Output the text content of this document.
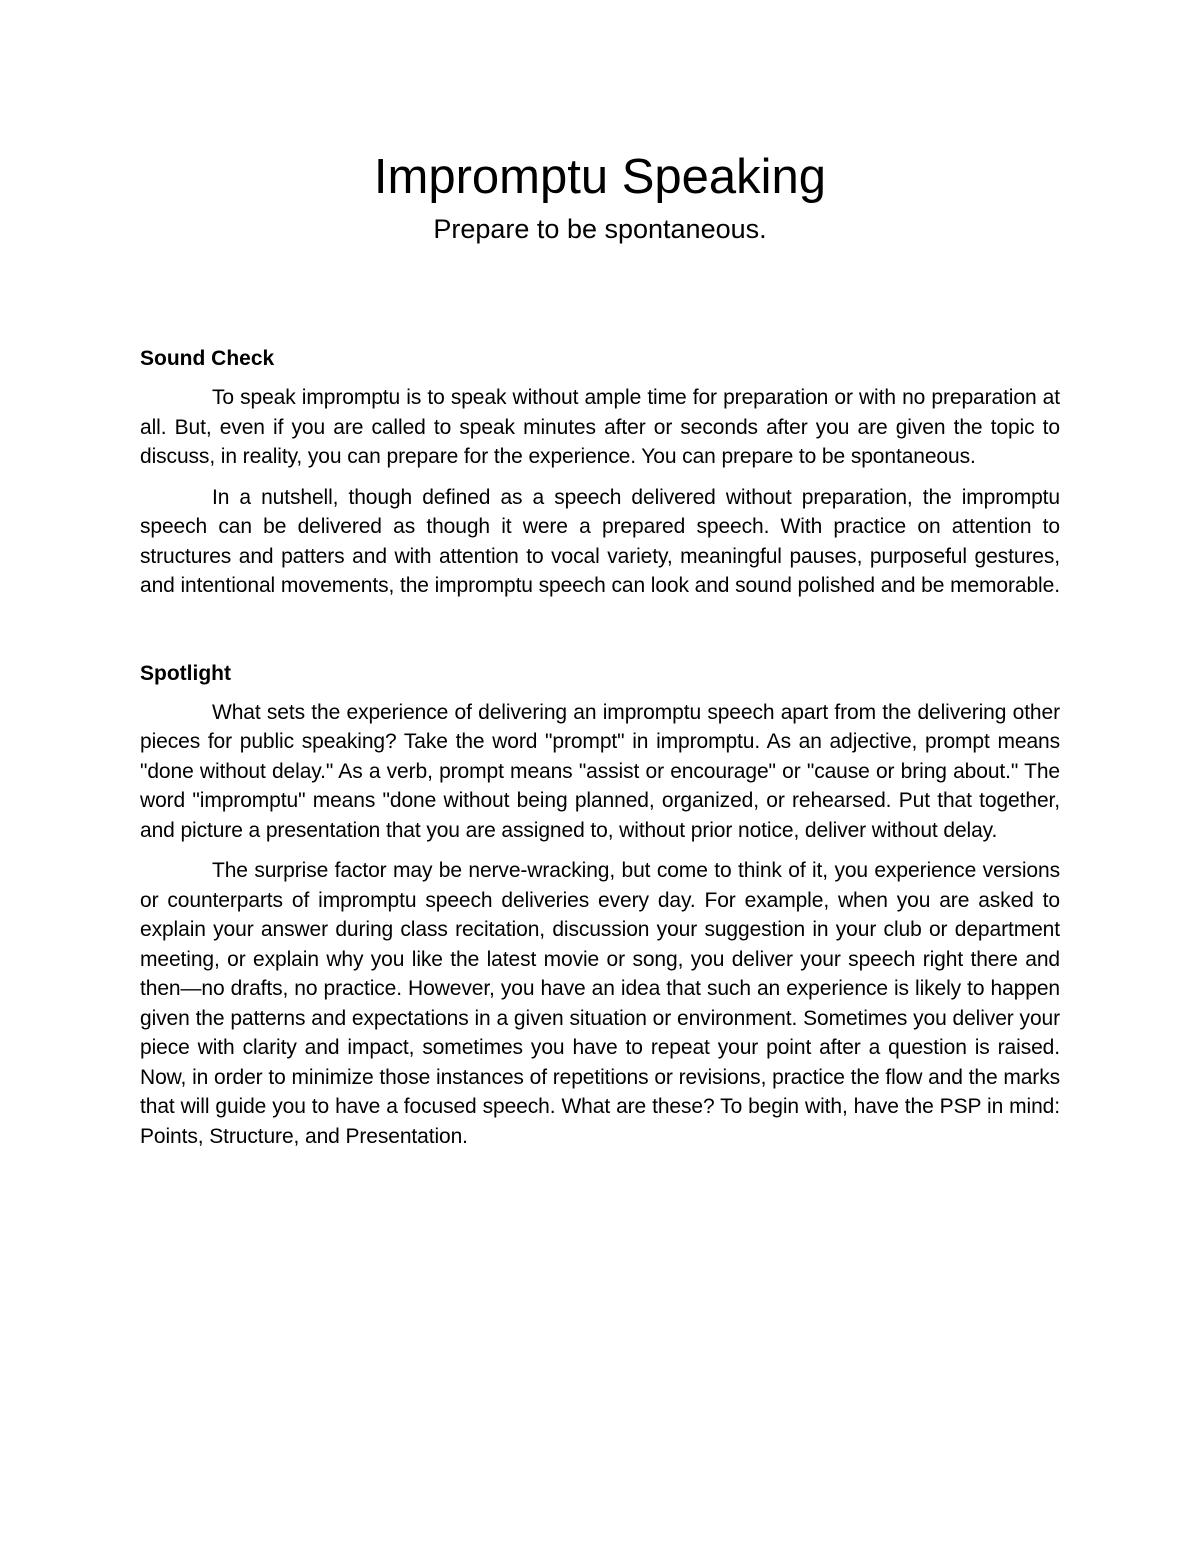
Impromptu Speaking

Prepare to be spontaneous.

Sound Check

To speak impromptu is to speak without ample time for preparation or with no preparation at all. But, even if you are called to speak minutes after or seconds after you are given the topic to discuss, in reality, you can prepare for the experience. You can prepare to be spontaneous.

In a nutshell, though defined as a speech delivered without preparation, the impromptu speech can be delivered as though it were a prepared speech. With practice on attention to structures and patters and with attention to vocal variety, meaningful pauses, purposeful gestures, and intentional movements, the impromptu speech can look and sound polished and be memorable.

Spotlight

What sets the experience of delivering an impromptu speech apart from the delivering other pieces for public speaking? Take the word "prompt" in impromptu. As an adjective, prompt means "done without delay." As a verb, prompt means "assist or encourage" or "cause or bring about." The word "impromptu" means "done without being planned, organized, or rehearsed. Put that together, and picture a presentation that you are assigned to, without prior notice, deliver without delay.

The surprise factor may be nerve-wracking, but come to think of it, you experience versions or counterparts of impromptu speech deliveries every day. For example, when you are asked to explain your answer during class recitation, discussion your suggestion in your club or department meeting, or explain why you like the latest movie or song, you deliver your speech right there and then—no drafts, no practice. However, you have an idea that such an experience is likely to happen given the patterns and expectations in a given situation or environment. Sometimes you deliver your piece with clarity and impact, sometimes you have to repeat your point after a question is raised. Now, in order to minimize those instances of repetitions or revisions, practice the flow and the marks that will guide you to have a focused speech. What are these? To begin with, have the PSP in mind: Points, Structure, and Presentation.
